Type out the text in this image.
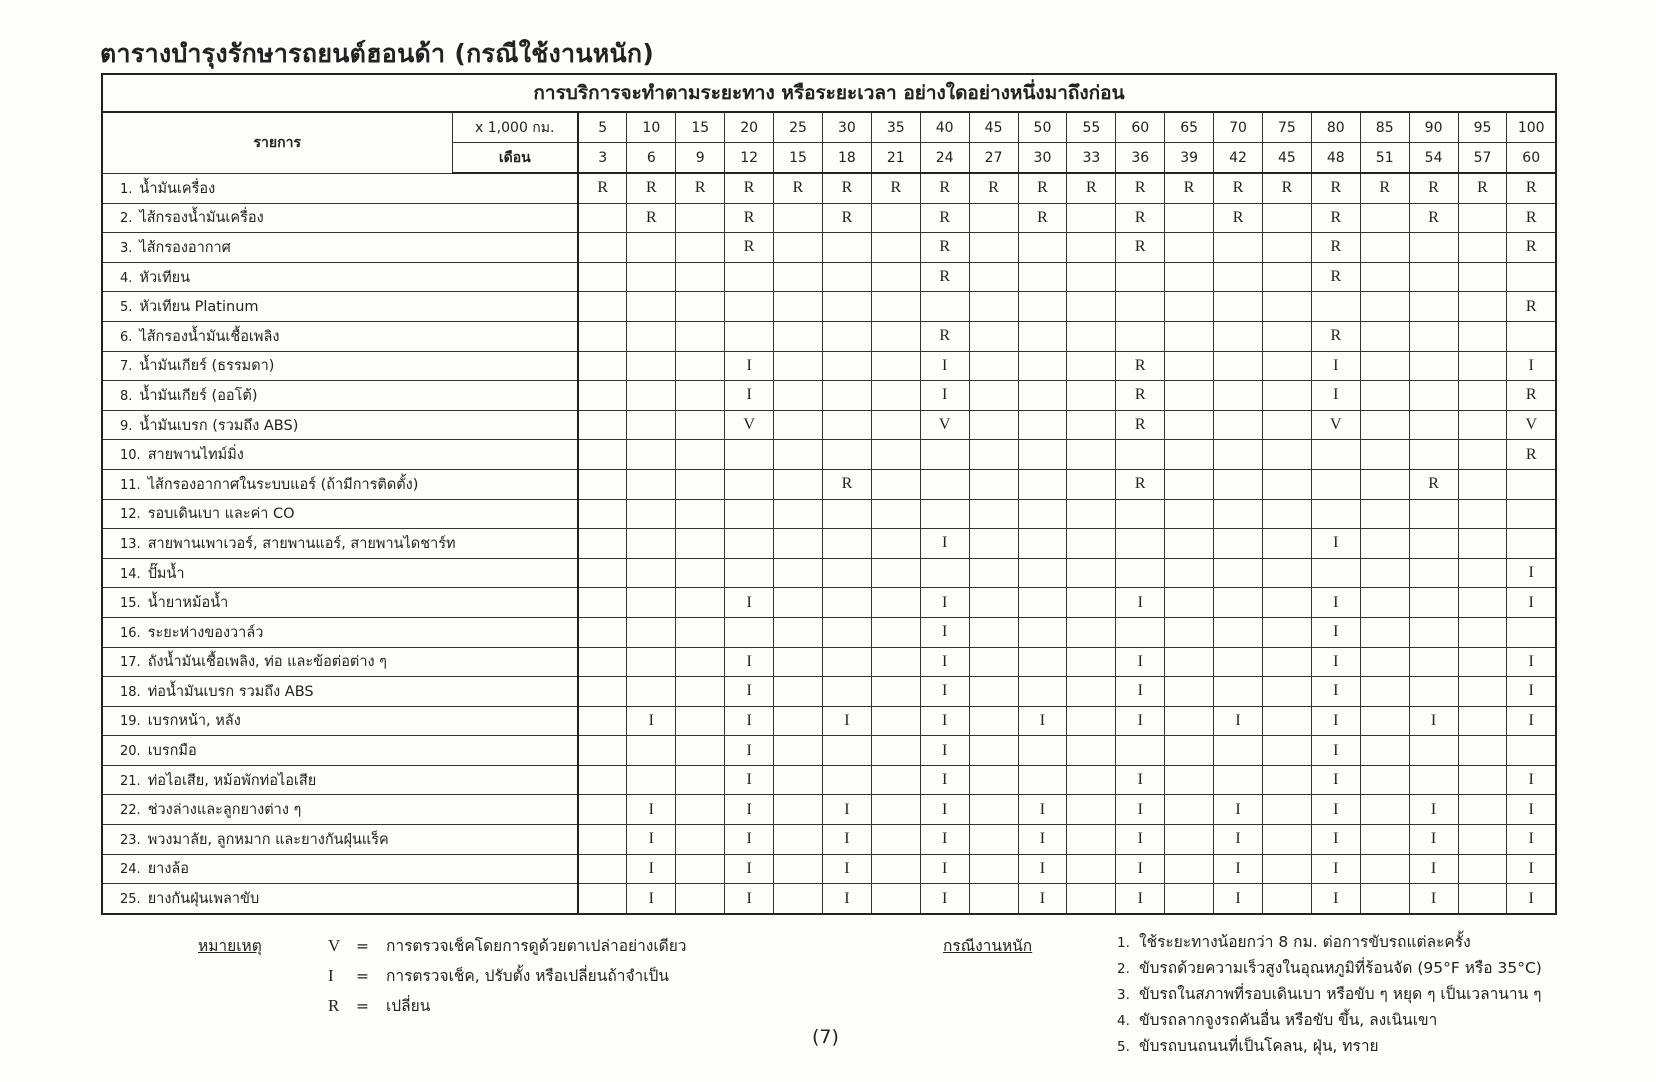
ตารางบำรุงรักษารถยนต์ฮอนด้า (กรณีใช้งานหนัก)
การบริการจะทำตามระยะทาง หรือระยะเวลา อย่างใดอย่างหนึ่งมาถึงก่อน																					
รายการ	x 1,000 กม.	5	10	15	20	25	30	35	40	45	50	55	60	65	70	75	80	85	90	95	100
	เดือน	3	6	9	12	15	18	21	24	27	30	33	36	39	42	45	48	51	54	57	60
1. น้ำมันเครื่อง		R	R	R	R	R	R	R	R	R	R	R	R	R	R	R	R	R	R	R	R
2. ไส้กรองน้ำมันเครื่อง			R		R		R		R		R		R		R		R		R		R
3. ไส้กรองอากาศ					R				R				R				R				R
4. หัวเทียน									R								R				
5. หัวเทียน Platinum																					R
6. ไส้กรองน้ำมันเชื้อเพลิง									R								R				
7. น้ำมันเกียร์ (ธรรมดา)					I				I				R				I				I
8. น้ำมันเกียร์ (ออโต้)					I				I				R				I				R
9. น้ำมันเบรก (รวมถึง ABS)					V				V				R				V				V
10. สายพานไทม์มิ่ง																					R
11. ไส้กรองอากาศในระบบแอร์ (ถ้ามีการติดตั้ง)							R						R						R		
12. รอบเดินเบา และค่า CO																					
13. สายพานเพาเวอร์, สายพานแอร์, สายพานไดชาร์ท									I								I				
14. ปั๊มน้ำ																					I
15. น้ำยาหม้อน้ำ					I				I				I				I				I
16. ระยะห่างของวาล์ว									I								I				
17. ถังน้ำมันเชื้อเพลิง, ท่อ และข้อต่อต่าง ๆ					I				I				I				I				I
18. ท่อน้ำมันเบรก รวมถึง ABS					I				I				I				I				I
19. เบรกหน้า, หลัง			I		I		I		I		I		I		I		I		I		I
20. เบรกมือ					I				I								I				
21. ท่อไอเสีย, หม้อพักท่อไอเสีย					I				I				I				I				I
22. ช่วงล่างและลูกยางต่าง ๆ			I		I		I		I		I		I		I		I		I		I
23. พวงมาลัย, ลูกหมาก และยางกันฝุ่นแร็ค			I		I		I		I		I		I		I		I		I		I
24. ยางล้อ			I		I		I		I		I		I		I		I		I		I
25. ยางกันฝุ่นเพลาขับ			I		I		I		I		I		I		I		I		I		I
หมายเหตุ	V = การตรวจเช็คโดยการดูด้วยตาเปล่าอย่างเดียว
I = การตรวจเช็ค, ปรับตั้ง หรือเปลี่ยนถ้าจำเป็น
R = เปลี่ยน
กรณีงานหนัก	1. ใช้ระยะทางน้อยกว่า 8 กม. ต่อการขับรถแต่ละครั้ง
2. ขับรถด้วยความเร็วสูงในอุณหภูมิที่ร้อนจัด (95°F หรือ 35°C)
3. ขับรถในสภาพที่รอบเดินเบา หรือขับ ๆ หยุด ๆ เป็นเวลานาน ๆ
4. ขับรถลากจูงรถคันอื่น หรือขับ ขึ้น, ลงเนินเขา
5. ขับรถบนถนนที่เป็นโคลน, ฝุ่น, ทราย
(7)
